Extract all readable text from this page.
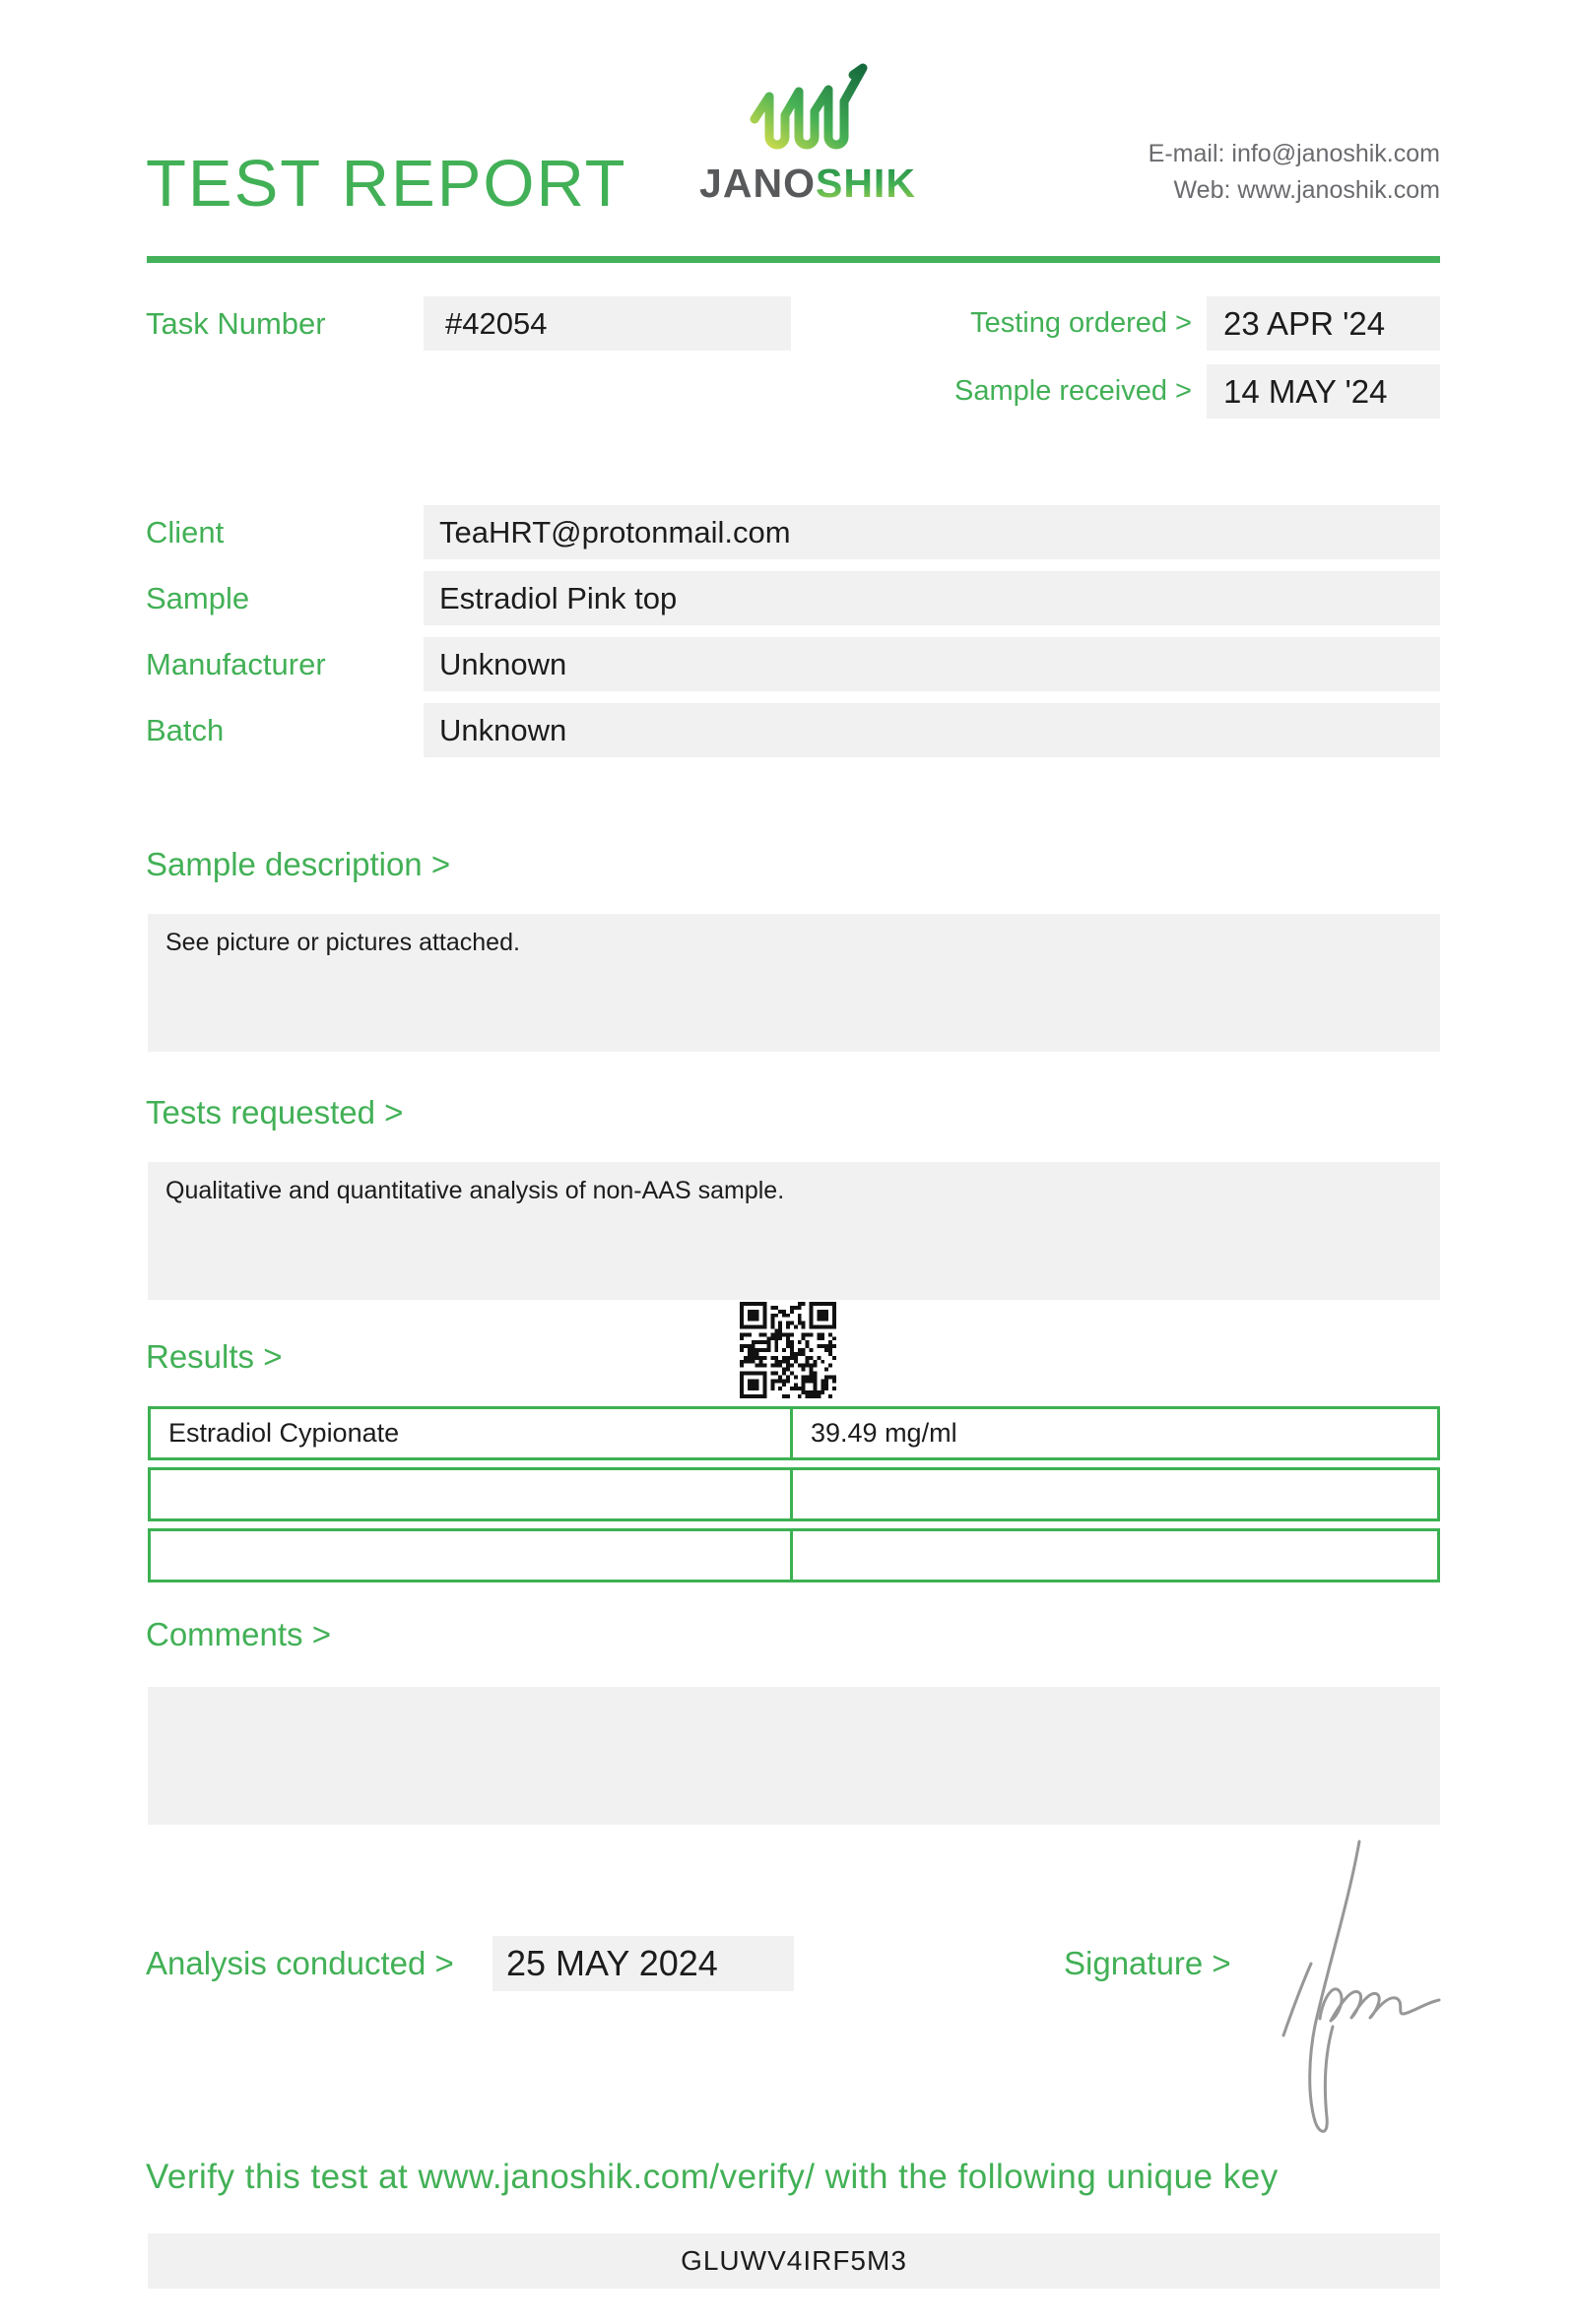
TEST REPORT	JANOSHIK
E-mail: info@janoshik.com
Web: www.janoshik.com
Task Number	#42054	Testing ordered > 23 APR '24
Sample received > 14 MAY '24
Client	TeaHRT@protonmail.com
Sample	Estradiol Pink top
Manufacturer	Unknown
Batch	Unknown
Sample description >
See picture or pictures attached.
Tests requested >
Qualitative and quantitative analysis of non-AAS sample.
Results >
Estradiol Cypionate	39.49 mg/ml
Comments >
Analysis conducted >	25 MAY 2024	Signature >
Verify this test at www.janoshik.com/verify/ with the following unique key
GLUWV4IRF5M3
